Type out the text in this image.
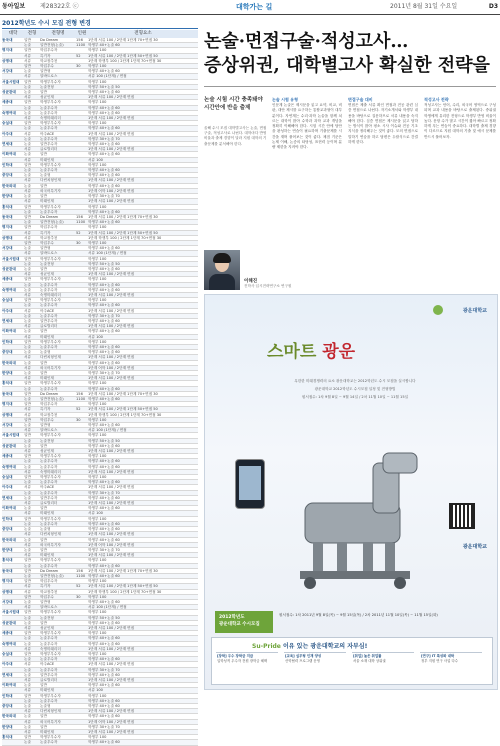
동아일보 제28322호 ⓒ	대학가는 길	2011년 8월 31일 수요일	D3
2012학년도 수시 모집 전형 변경
대학	전형	전형명	인원	전형요소
동국대	일반	Do Dream	156	1단계 서류 100 / 2단계 1단계 70+면접 30
논술	일반전형(논술)	1100 학생부 40+논술 60
명지대	일반	학업우수자	학생부 100
서류	특기자	52	1단계 서류 100 / 2단계 1단계 50+면접 50
상명대	서류	학교장추천	1단계 학생부 100 / 2단계 1단계 70+면접 30
일반	학업우수	30	학생부 100
서강대	논술	일반형	학생부 40+논술 60
서류	알바트로스	서류 100 (1단계) / 면접
서울시립대	일반	학생부우수자	학생부 100
논술	논술전형	학생부 50+논술 50
성균관대	논술	일반	학생부 40+논술 60
서류	성균인재	1단계 서류 100 / 2단계 면접
세종대	일반	학생부우수자	학생부 100
논술	논술우수자	학생부 40+논술 60
숙명여대	논술	논술우수자	학생부 40+논술 60
서류	숙명미래리더	1단계 서류 100 / 2단계 면접
숭실대	일반	학생부우수자	학생부 100
논술	논술우수자	학생부 40+논술 60
아주대	서류	아주ACE	1단계 서류 100 / 2단계 면접
논술	논술우수자	학생부 30+논술 70
연세대	논술	일반우수자	학생부 40+논술 60
서류	글로벌리더	1단계 서류 100 / 2단계 면접
이화여대	논술	일반	학생부 40+논술 60
서류	미래인재	서류 100
인하대	일반	학생부우수자	학생부 100
논술	논술우수자	학생부 40+논술 60
중앙대	논술	논술형	학생부 40+논술 60
서류	다빈치형인재	1단계 서류 100 / 2단계 면접
한국외대	논술	일반	학생부 40+논술 60
서류	외국어특기자	1단계 어학 100 / 2단계 면접
한양대	논술	일반	학생부 30+논술 70
서류	미래인재	1단계 서류 100 / 2단계 면접
홍익대	일반	학생부우수자	학생부 100
논술	논술우수자	학생부 40+논술 60
동국대	일반	Do Dream	156	1단계 서류 100 / 2단계 1단계 70+면접 30
논술	일반전형(논술)	1100 학생부 40+논술 60
명지대	일반	학업우수자	학생부 100
서류	특기자	52	1단계 서류 100 / 2단계 1단계 50+면접 50
상명대	서류	학교장추천	1단계 학생부 100 / 2단계 1단계 70+면접 30
일반	학업우수	30	학생부 100
서강대	논술	일반형	학생부 40+논술 60
서류	알바트로스	서류 100 (1단계) / 면접
서울시립대	일반	학생부우수자	학생부 100
논술	논술전형	학생부 50+논술 50
성균관대	논술	일반	학생부 40+논술 60
서류	성균인재	1단계 서류 100 / 2단계 면접
세종대	일반	학생부우수자	학생부 100
논술	논술우수자	학생부 40+논술 60
숙명여대	논술	논술우수자	학생부 40+논술 60
서류	숙명미래리더	1단계 서류 100 / 2단계 면접
숭실대	일반	학생부우수자	학생부 100
논술	논술우수자	학생부 40+논술 60
아주대	서류	아주ACE	1단계 서류 100 / 2단계 면접
논술	논술우수자	학생부 30+논술 70
연세대	논술	일반우수자	학생부 40+논술 60
서류	글로벌리더	1단계 서류 100 / 2단계 면접
이화여대	논술	일반	학생부 40+논술 60
서류	미래인재	서류 100
인하대	일반	학생부우수자	학생부 100
논술	논술우수자	학생부 40+논술 60
중앙대	논술	논술형	학생부 40+논술 60
서류	다빈치형인재	1단계 서류 100 / 2단계 면접
한국외대	논술	일반	학생부 40+논술 60
서류	외국어특기자	1단계 어학 100 / 2단계 면접
한양대	논술	일반	학생부 30+논술 70
서류	미래인재	1단계 서류 100 / 2단계 면접
홍익대	일반	학생부우수자	학생부 100
논술	논술우수자	학생부 40+논술 60
동국대	일반	Do Dream	156	1단계 서류 100 / 2단계 1단계 70+면접 30
논술	일반전형(논술)	1100 학생부 40+논술 60
명지대	일반	학업우수자	학생부 100
서류	특기자	52	1단계 서류 100 / 2단계 1단계 50+면접 50
상명대	서류	학교장추천	1단계 학생부 100 / 2단계 1단계 70+면접 30
일반	학업우수	30	학생부 100
서강대	논술	일반형	학생부 40+논술 60
서류	알바트로스	서류 100 (1단계) / 면접
서울시립대	일반	학생부우수자	학생부 100
논술	논술전형	학생부 50+논술 50
성균관대	논술	일반	학생부 40+논술 60
서류	성균인재	1단계 서류 100 / 2단계 면접
세종대	일반	학생부우수자	학생부 100
논술	논술우수자	학생부 40+논술 60
숙명여대	논술	논술우수자	학생부 40+논술 60
서류	숙명미래리더	1단계 서류 100 / 2단계 면접
숭실대	일반	학생부우수자	학생부 100
논술	논술우수자	학생부 40+논술 60
아주대	서류	아주ACE	1단계 서류 100 / 2단계 면접
논술	논술우수자	학생부 30+논술 70
연세대	논술	일반우수자	학생부 40+논술 60
서류	글로벌리더	1단계 서류 100 / 2단계 면접
이화여대	논술	일반	학생부 40+논술 60
서류	미래인재	서류 100
인하대	일반	학생부우수자	학생부 100
논술	논술우수자	학생부 40+논술 60
중앙대	논술	논술형	학생부 40+논술 60
서류	다빈치형인재	1단계 서류 100 / 2단계 면접
한국외대	논술	일반	학생부 40+논술 60
서류	외국어특기자	1단계 어학 100 / 2단계 면접
한양대	논술	일반	학생부 30+논술 70
서류	미래인재	1단계 서류 100 / 2단계 면접
홍익대	일반	학생부우수자	학생부 100
논술	논술우수자	학생부 40+논술 60
동국대	일반	Do Dream	156	1단계 서류 100 / 2단계 1단계 70+면접 30
논술	일반전형(논술)	1100 학생부 40+논술 60
명지대	일반	학업우수자	학생부 100
서류	특기자	52	1단계 서류 100 / 2단계 1단계 50+면접 50
상명대	서류	학교장추천	1단계 학생부 100 / 2단계 1단계 70+면접 30
일반	학업우수	30	학생부 100
서강대	논술	일반형	학생부 40+논술 60
서류	알바트로스	서류 100 (1단계) / 면접
서울시립대	일반	학생부우수자	학생부 100
논술	논술전형	학생부 50+논술 50
성균관대	논술	일반	학생부 40+논술 60
서류	성균인재	1단계 서류 100 / 2단계 면접
세종대	일반	학생부우수자	학생부 100
논술	논술우수자	학생부 40+논술 60
숙명여대	논술	논술우수자	학생부 40+논술 60
서류	숙명미래리더	1단계 서류 100 / 2단계 면접
숭실대	일반	학생부우수자	학생부 100
논술	논술우수자	학생부 40+논술 60
아주대	서류	아주ACE	1단계 서류 100 / 2단계 면접
논술	논술우수자	학생부 30+논술 70
연세대	논술	일반우수자	학생부 40+논술 60
서류	글로벌리더	1단계 서류 100 / 2단계 면접
이화여대	논술	일반	학생부 40+논술 60
서류	미래인재	서류 100
인하대	일반	학생부우수자	학생부 100
논술	논술우수자	학생부 40+논술 60
중앙대	논술	논술형	학생부 40+논술 60
서류	다빈치형인재	1단계 서류 100 / 2단계 면접
한국외대	논술	일반	학생부 40+논술 60
서류	외국어특기자	1단계 어학 100 / 2단계 면접
한양대	논술	일반	학생부 30+논술 70
서류	미래인재	1단계 서류 100 / 2단계 면접
홍익대	일반	학생부우수자	학생부 100
논술	논술우수자	학생부 40+논술 60
논술·면접구술·적성고사…
증상위권, 대학별고사 확실한 전략을
논술 시험 시간 충족돼야 시간안에 반을 출제
올해 수시 모집 대학별고사는 논술, 면접구술, 적성고사로 나뉜다. 대학마다 반영 비율과 출제 경향이 달라 지원 대학의 기출문제를 분석해야 한다.
논술 시험 유형
인문계 논술은 제시문을 읽고 요약, 비교, 비판, 대안 제시를 요구하는 통합교과형이 대부분이다. 자연계는 수리·과학 논술을 함께 치르는 대학이 많아 수학과 과학 교과 개념을 정확히 이해해야 한다. 시험 시간 안에 답안을 완성하는 연습이 필요하며 기출문제를 시간을 재며 풀어보는 것이 좋다. 채점 기준은 논제 이해, 논증의 타당성, 표현력 등이며 분량 제한을 지켜야 한다.
면접구술 대비
면접은 제출 서류 확인 면접과 전공 관련 심층 면접으로 나뉜다. 자기소개서와 학생부 내용을 바탕으로 질문하므로 서류 내용을 숙지해야 한다. 심층 면접은 제시문을 읽고 답하는 방식이 많아 평소 시사 이슈와 전공 기초 지식을 정리해두는 것이 좋다. 모의 면접으로 말하기 연습을 하고 답변은 두괄식으로 간결하게 한다.
적성고사 전략
적성고사는 언어, 수리, 외국어 영역으로 구성되며 교과 내용을 바탕으로 출제된다. 중위권 학생에게 유리한 전형으로 학생부 반영 비율이 높다. 문항 수가 많고 시간이 짧아 빠르고 정확하게 푸는 연습이 중요하다. 대학별 출제 경향이 다르므로 지원 대학의 기출 및 예시 문제를 반드시 풀어보자.
이해진
진학사 입시전략연구소 연구원
광운대학교
스마트 광운
무한한 미래경쟁력의 요소 광운대학교는 2012학년도 수시 모집을 실시합니다
광운대학교 2012학년도 수시모집 일정 및 전형방법
원서접수: 1차 9월 8일 ~ 9월 14일 / 2차 11월 10일 ~ 11월 15일
광운대학교
2012학년도
광운대학교 수시모집
원서접수: 1차 2011년 9월 8일(목) ~ 9월 15일(목) / 2차 2011년 11월 10일(목) ~ 11월 15일(화)
Su-Pride 이유 있는 광운대학교의 자부심!
[장학] 우수 장학금 지급
입학성적 우수자 전원 장학금 혜택
[교육] 실무형 인재 양성
산학협력 프로그램 운영
[취업] 높은 취업률
서울 소재 대학 상위권
[연구] IT 특성화 대학
정부 지원 연구 사업 다수
